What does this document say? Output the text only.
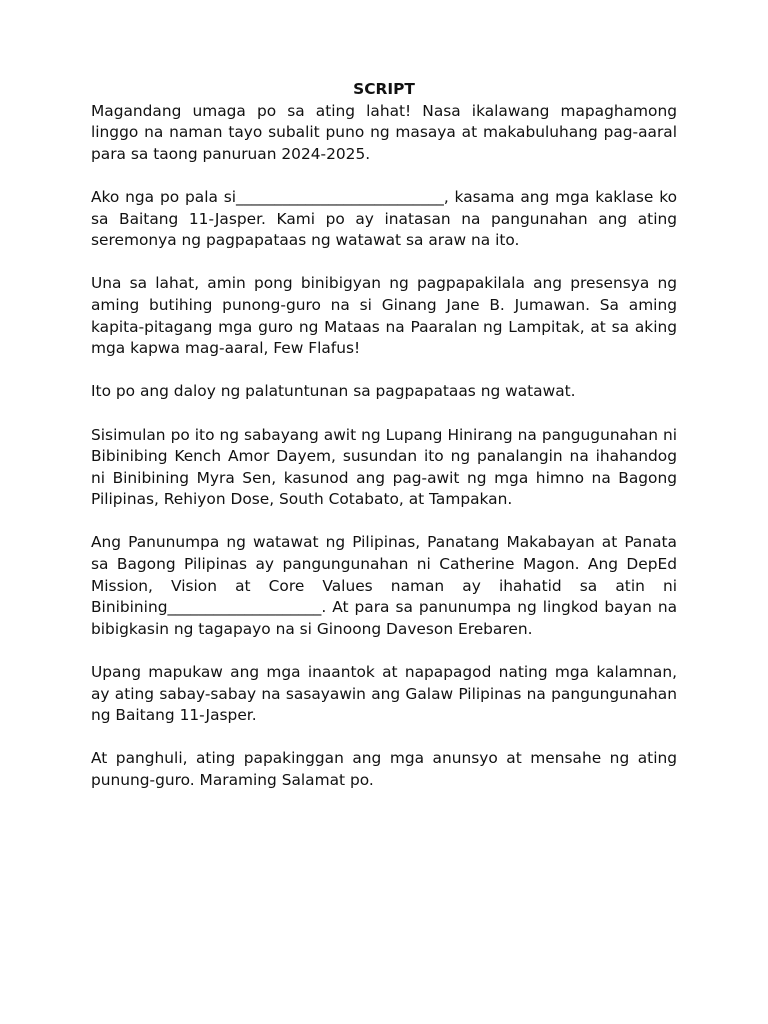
SCRIPT

Magandang umaga po sa ating lahat! Nasa ikalawang mapaghamong linggo na naman tayo subalit puno ng masaya at makabuluhang pag-aaral para sa taong panuruan 2024-2025.

Ako nga po pala si___________________________, kasama ang mga kaklase ko sa Baitang 11-Jasper. Kami po ay inatasan na pangunahan ang ating seremonya ng pagpapataas ng watawat sa araw na ito.

Una sa lahat, amin pong binibigyan ng pagpapakilala ang presensya ng aming butihing punong-guro na si Ginang Jane B. Jumawan. Sa aming kapita-pitagang mga guro ng Mataas na Paaralan ng Lampitak, at sa aking mga kapwa mag-aaral, Few Flafus!

Ito po ang daloy ng palatuntunan sa pagpapataas ng watawat.

Sisimulan po ito ng sabayang awit ng Lupang Hinirang na pangugunahan ni Bibinibing Kench Amor Dayem, susundan ito ng panalangin na ihahandog ni Binibining Myra Sen, kasunod ang pag-awit ng mga himno na Bagong Pilipinas, Rehiyon Dose, South Cotabato, at Tampakan.

Ang Panunumpa ng watawat ng Pilipinas, Panatang Makabayan at Panata sa Bagong Pilipinas ay pangungunahan ni Catherine Magon. Ang DepEd Mission, Vision at Core Values naman ay ihahatid sa atin ni Binibining____________________. At para sa panunumpa ng lingkod bayan na bibigkasin ng tagapayo na si Ginoong Daveson Erebaren.

Upang mapukaw ang mga inaantok at napapagod nating mga kalamnan, ay ating sabay-sabay na sasayawin ang Galaw Pilipinas na pangungunahan ng Baitang 11-Jasper.

At panghuli, ating papakinggan ang mga anunsyo at mensahe ng ating punung-guro. Maraming Salamat po.
